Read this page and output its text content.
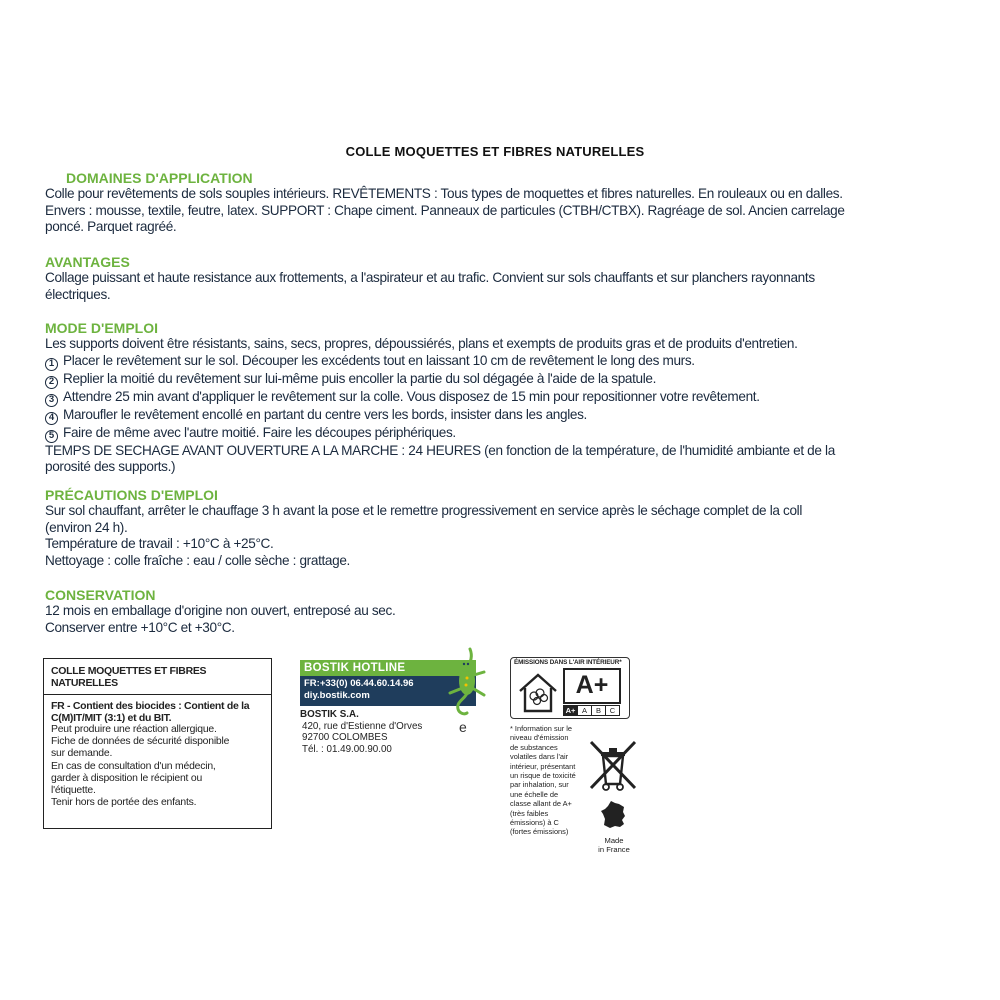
COLLE MOQUETTES ET FIBRES NATURELLES
DOMAINES D'APPLICATION

Colle pour revêtements de sols souples intérieurs. REVÊTEMENTS : Tous types de moquettes et fibres naturelles. En rouleaux ou en dalles.

Envers : mousse, textile, feutre, latex. SUPPORT : Chape ciment. Panneaux de particules (CTBH/CTBX). Ragréage de sol. Ancien carrelage

poncé. Parquet ragréé.

AVANTAGES

Collage puissant et haute resistance aux frottements, a l'aspirateur et au trafic. Convient sur sols chauffants et sur planchers rayonnants

électriques.

MODE D'EMPLOI

Les supports doivent être résistants, sains, secs, propres, dépoussiérés, plans et exempts de produits gras et de produits d'entretien.

1 Placer le revêtement sur le sol. Découper les excédents tout en laissant 10 cm de revêtement le long des murs.

2 Replier la moitié du revêtement sur lui-même puis encoller la partie du sol dégagée à l'aide de la spatule.

3 Attendre 25 min avant d'appliquer le revêtement sur la colle. Vous disposez de 15 min pour repositionner votre revêtement.

4 Maroufler le revêtement encollé en partant du centre vers les bords, insister dans les angles.

5 Faire de même avec l'autre moitié. Faire les découpes périphériques.

TEMPS DE SECHAGE AVANT OUVERTURE A LA MARCHE : 24 HEURES (en fonction de la température, de l'humidité ambiante et de la

porosité des supports.)

PRÉCAUTIONS D'EMPLOI

Sur sol chauffant, arrêter le chauffage 3 h avant la pose et le remettre progressivement en service après le séchage complet de la coll

(environ 24 h).

Température de travail : +10°C à +25°C.

Nettoyage : colle fraîche : eau / colle sèche : grattage.

CONSERVATION

12 mois en emballage d'origine non ouvert, entreposé au sec.

Conserver entre +10°C et +30°C.

COLLE MOQUETTES ET FIBRES NATURELLES
FR - Contient des biocides : Contient de la
C(M)IT/MIT (3:1) et du BIT.
Peut produire une réaction allergique.
Fiche de données de sécurité disponible
sur demande.
En cas de consultation d'un médecin,
garder à disposition le récipient ou
l'étiquette.
Tenir hors de portée des enfants.
BOSTIK HOTLINE
FR:+33(0) 06.44.60.14.96
diy.bostik.com
BOSTIK S.A.
420, rue d'Estienne d'Orves
92700 COLOMBES
Tél. : 01.49.00.90.00
e
ÉMISSIONS DANS L'AIR INTÉRIEUR*
A+
A+ A	B	C
* Information sur le
niveau d'émission
de substances
volatiles dans l'air
intérieur, présentant
un risque de toxicité
par inhalation, sur
une échelle de
classe allant de A+
(très faibles
émissions) à C
(fortes émissions)
Made
in France
